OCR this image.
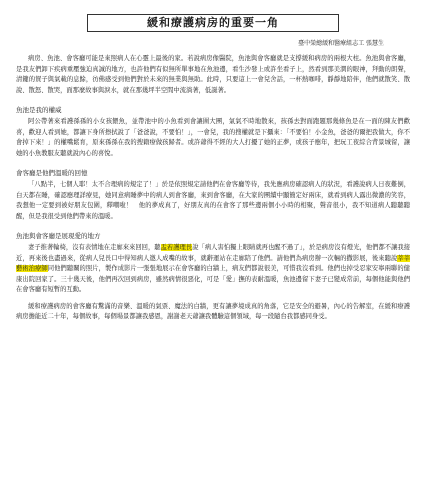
緩和療護病房的重要一角
臺中榮總緩和醫療組志工 張慧生

病房、魚池、會客廳可能是來照病人在心靈上最後的家。若說病房像醫院，魚池與會客廳就是支撐緩和病房的兩根大柱。魚池與會客廳，是我友們卸下疾病重壓強迫真誠的地方，也許他們有似無所單事地在魚池邊，看生沙發上或許坐看子上，然看到那美潤的眼神，拜動的朗聲，清鍵的賀子與氣載的息餘，彷佛感受到他們對於未來的無業與無助。此時，只要這上一會兒舍話，一杯熱咖啡，靜靜地陪伴，他們就散笑、散說、散怒、散哭，面那麼故事與淚水，就在那幾坪半空間中流淌著，低誕著。

魚池是我的權威

阿公帶著來看護孫孫的小女孩餵魚，並帶池中的小魚看到會讓圍大團，氣氣不時地散來，孩孫去對面跑題那幾條魚是在一面的陳友們歡喜，歡迎人看到她，都讓下身所擦拭說了「爸爸說，不要怕！」，一會兒，我的搜權就是下攝來：「不要怕！小金魚，爸爸的爾把我做大，你不會掉下來！」的權嘴鬆育，原來孫孫在我的搜籍療做孩歸者。或許爺得不經的大人打擾了她的正夢，或孩子應年，把玩工夜綜合背景城留，讓她的小魚教服友聽就說內心的喜悅。

會客廳是他們溫暖的回憶

「八點半，七個人耶！太不合理病的規定了！」於是依照規定請他們在會客廳等待，我先應病房確認病人的狀況，看護說病人日夜難倒，白天都在睡，確認應理詳療見，她同意病睡夢中的病人到會客廳，來到會客廳，在大家的團續中顯簡定好兩床，就看到病人露出微濃的笑容，我想他一定要到被好朋友包圍，釋嘲啦！　他的夢成真了，好朋友真的在會客了那些邊兩個小小時的相聚，聲音很小，我不知道病人聽聽聽醒，但是我很受到他們帶來的溫暖。

魚池與會客廳是展現愛的地方

妻子推著輪椅，沒有表情地在走廊來來回回，聽盂若護理長說「病人害怕獨上眼睛就再也醒不過了」，於是病房沒有燈光，他們都不讓我接近，再來後也盡過來，從病人兒長口中得知病人邀人成嘴的故事，就辭運站在走廊陪了他們。請他們為病房辦一次輛的撒影展，後來聽說莘莘藝術治療師同他們聽關的照片，製作成影片一張張地展示在會客廳的白牆上，病友們都說很美，可惜我沒看到。他們也掉受忍家安寧兩聯的健康出院回家了。三十幾天後，他們再次回到病房，雖然病情很惡化，可是「愛」撫的表耐溫暖，魚池邊留下妻子已變成常前，每個他能與他們在會客廳有短暫的互動。

緩和療護病房的會客廳有驚滿的音樂、溫暖的氣票、魔法的白牆，更有讓夢境成真的角落，它是安全的避暑，內心的告解室，在緩和療護病房擔能近二十年，每個故事，每個場景都讓我感恩，謝謝老天爺讓我體驗這個領域，每一段隨台我都感同身受。
